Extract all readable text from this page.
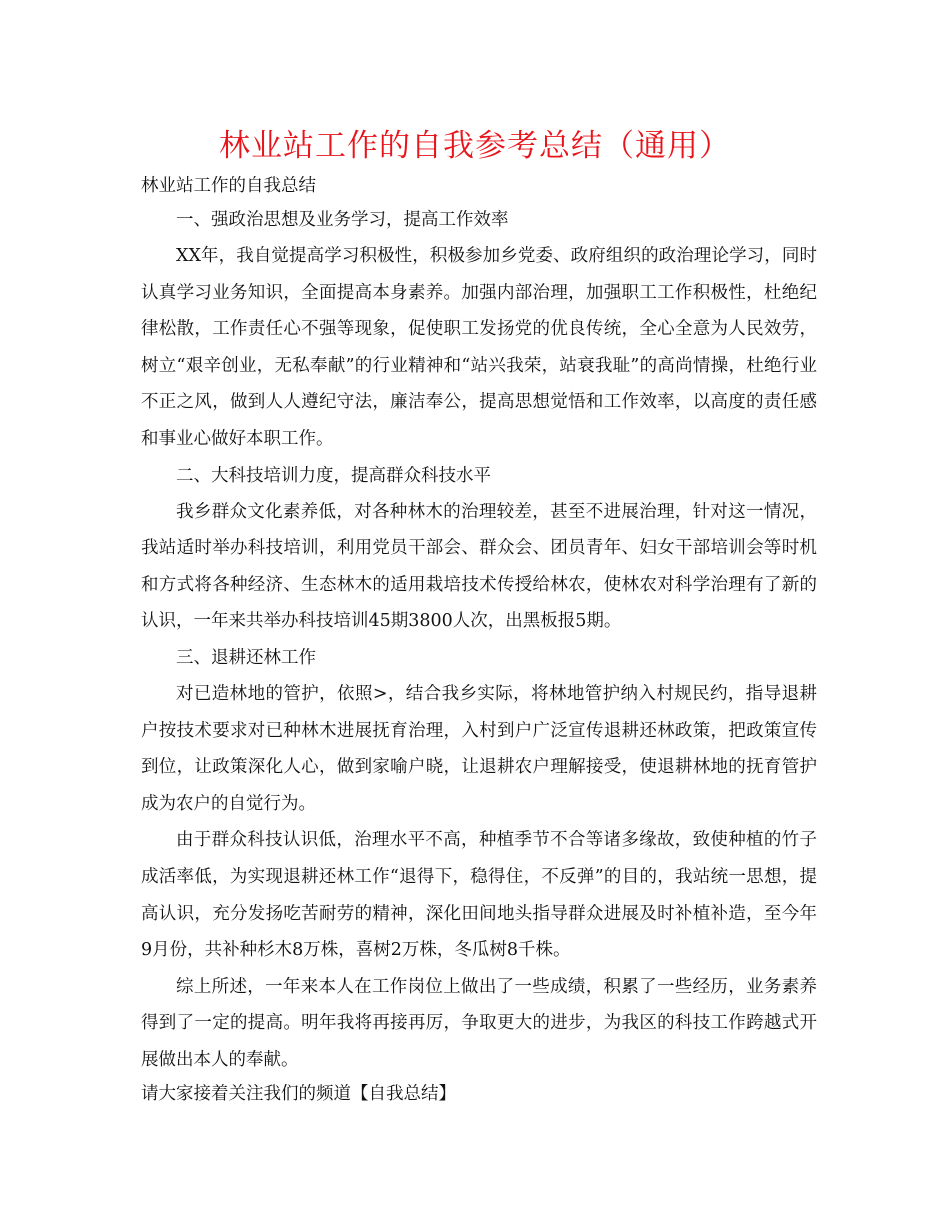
林业站工作的自我参考总结（通用）
林业站工作的自我总结
一、强政治思想及业务学习，提高工作效率

XX年，我自觉提高学习积极性，积极参加乡党委、政府组织的政治理论学习，同时认真学习业务知识，全面提高本身素养。加强内部治理，加强职工工作积极性，杜绝纪律松散，工作责任心不强等现象，促使职工发扬党的优良传统，全心全意为人民效劳，树立“艰辛创业，无私奉献”的行业精神和“站兴我荣，站衰我耻”的高尚情操，杜绝行业不正之风，做到人人遵纪守法，廉洁奉公，提高思想觉悟和工作效率，以高度的责任感和事业心做好本职工作。

二、大科技培训力度，提高群众科技水平

我乡群众文化素养低，对各种林木的治理较差，甚至不进展治理，针对这一情况，我站适时举办科技培训，利用党员干部会、群众会、团员青年、妇女干部培训会等时机和方式将各种经济、生态林木的适用栽培技术传授给林农，使林农对科学治理有了新的认识，一年来共举办科技培训45期3800人次，出黑板报5期。

三、退耕还林工作

对已造林地的管护，依照>，结合我乡实际，将林地管护纳入村规民约，指导退耕户按技术要求对已种林木进展抚育治理，入村到户广泛宣传退耕还林政策，把政策宣传到位，让政策深化人心，做到家喻户晓，让退耕农户理解接受，使退耕林地的抚育管护成为农户的自觉行为。

由于群众科技认识低，治理水平不高，种植季节不合等诸多缘故，致使种植的竹子成活率低，为实现退耕还林工作“退得下，稳得住，不反弹”的目的，我站统一思想，提高认识，充分发扬吃苦耐劳的精神，深化田间地头指导群众进展及时补植补造，至今年9月份，共补种杉木8万株，喜树2万株，冬瓜树8千株。

综上所述，一年来本人在工作岗位上做出了一些成绩，积累了一些经历，业务素养得到了一定的提高。明年我将再接再厉，争取更大的进步，为我区的科技工作跨越式开展做出本人的奉献。

请大家接着关注我们的频道【自我总结】
